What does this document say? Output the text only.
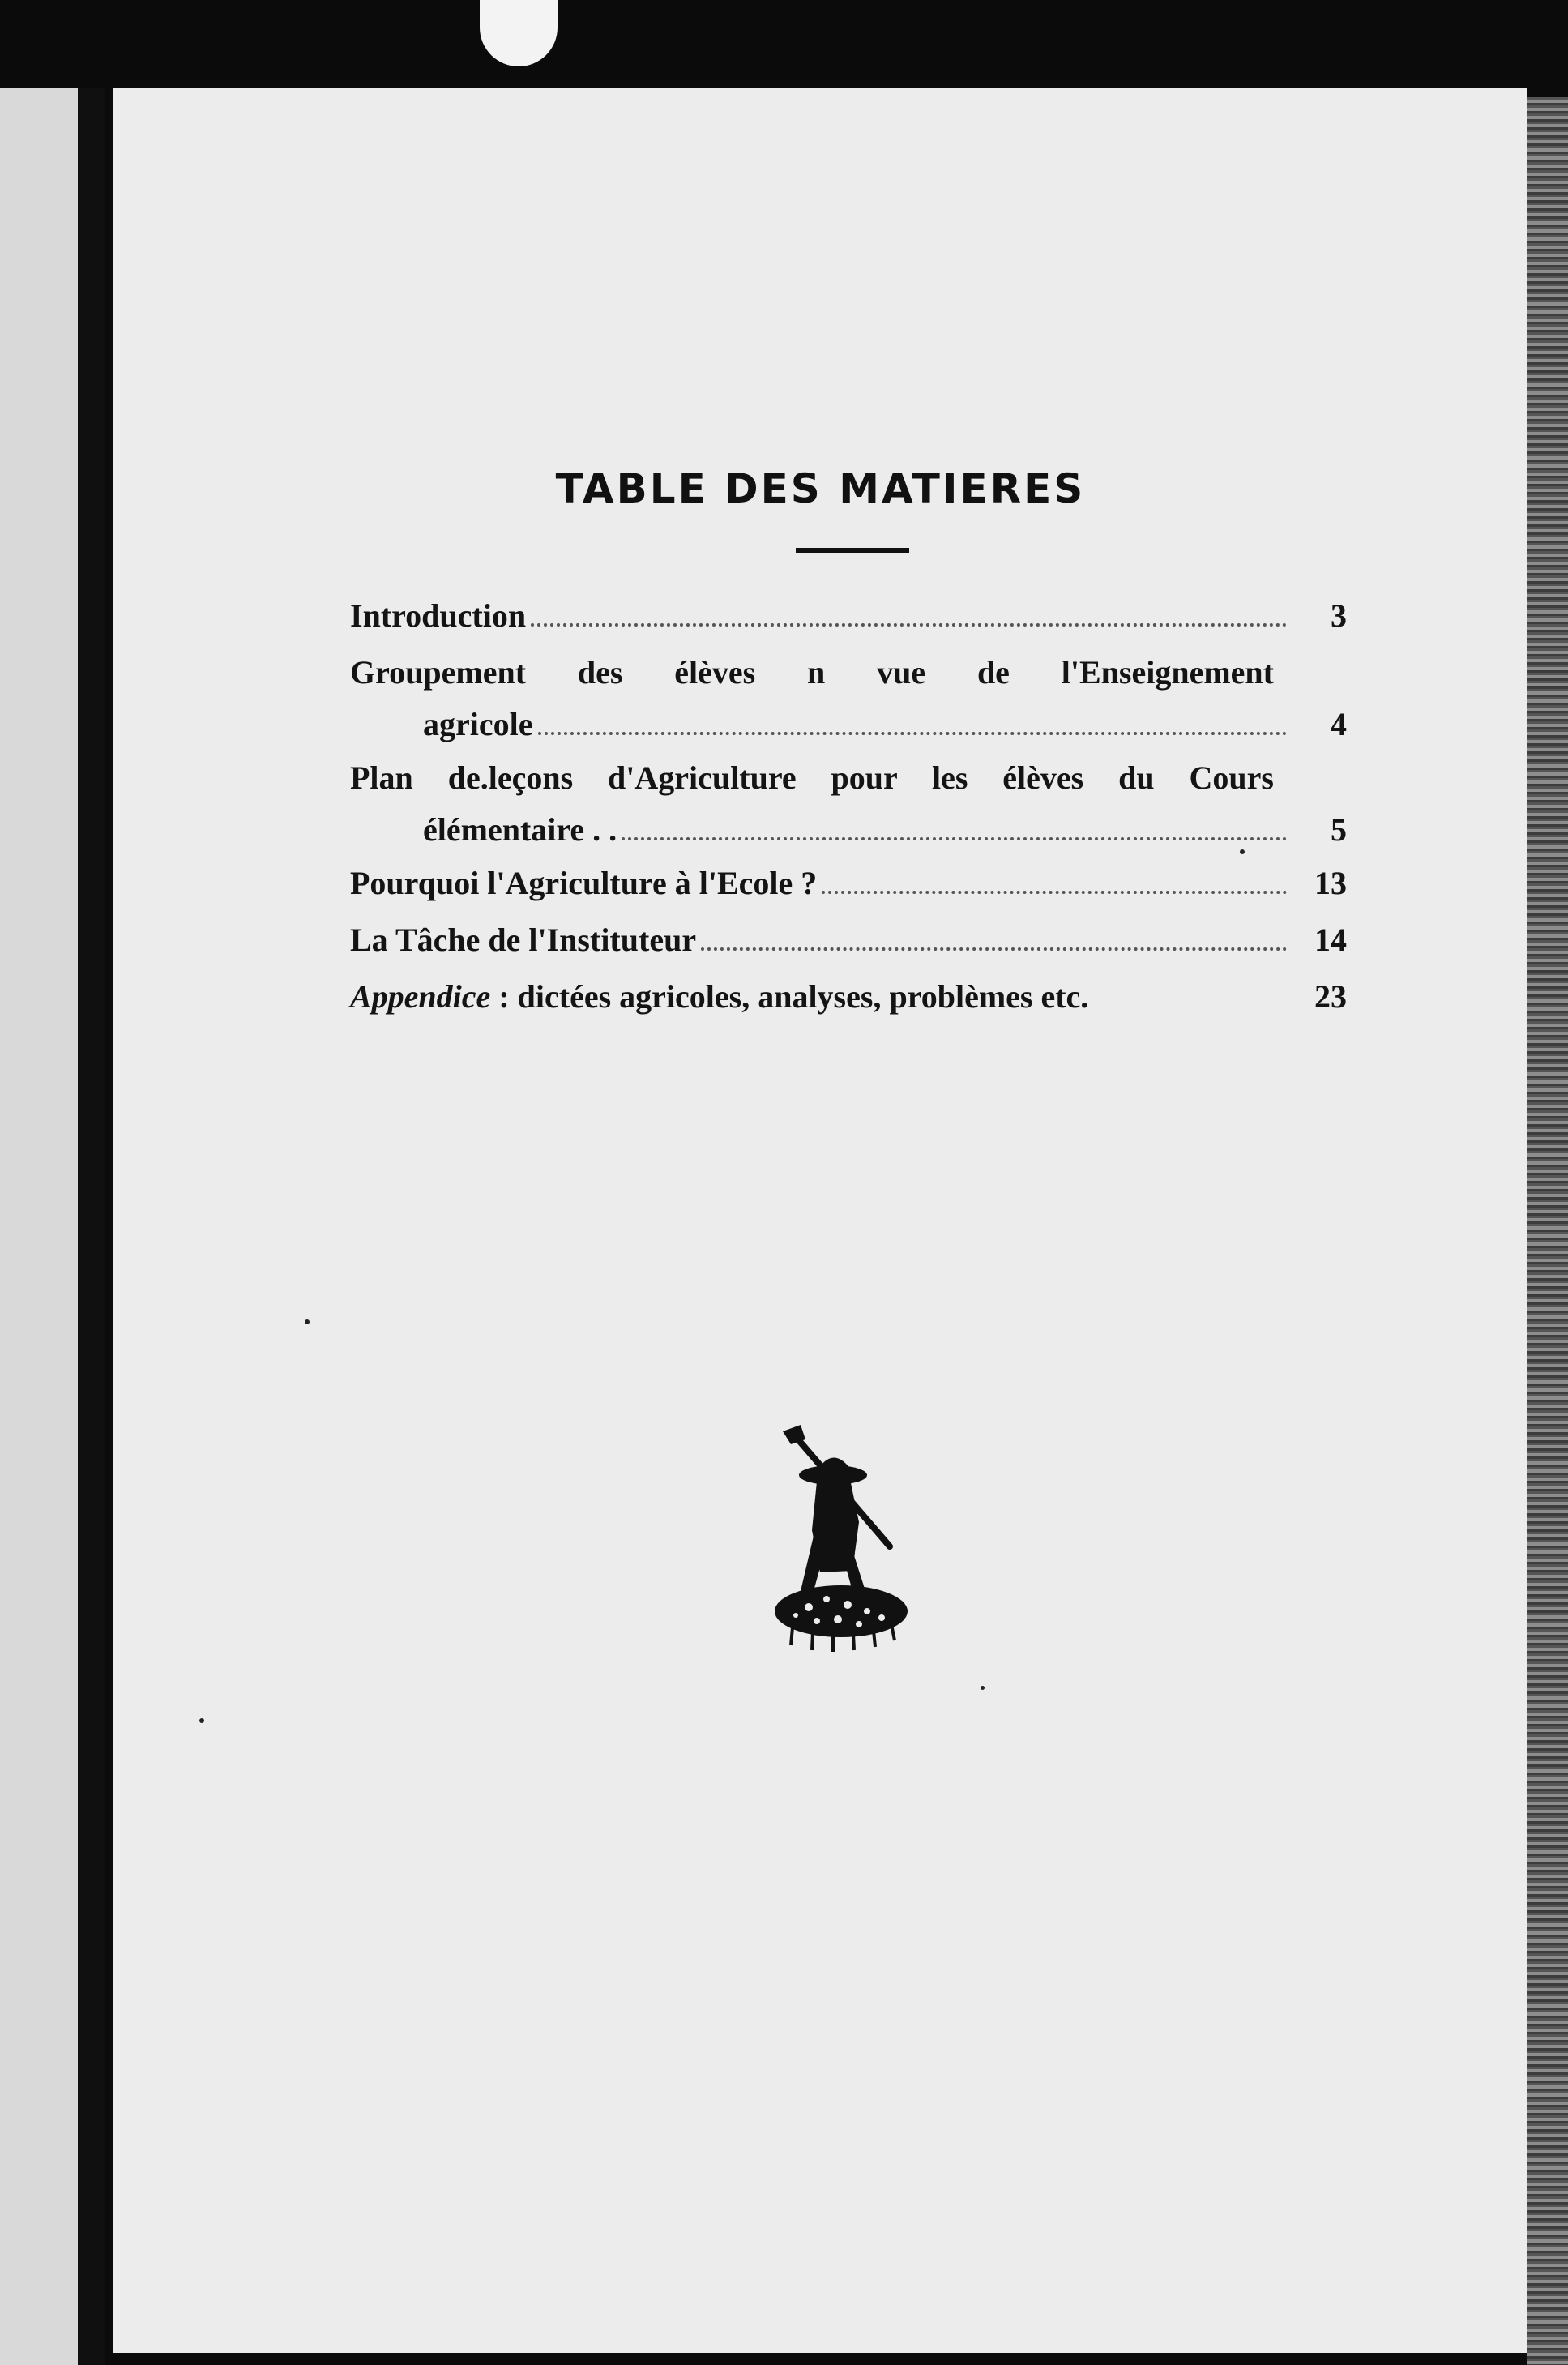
TABLE DES MATIERES
Introduction	3
Groupement des élèves n vue de l'Enseignement
agricole	4
Plan de.leçons d'Agriculture pour les élèves du Cours
élémentaire . .	5
Pourquoi l'Agriculture à l'Ecole ?	13
La Tâche de l'Instituteur	14
Appendice : dictées agricoles, analyses, problèmes etc.	23
